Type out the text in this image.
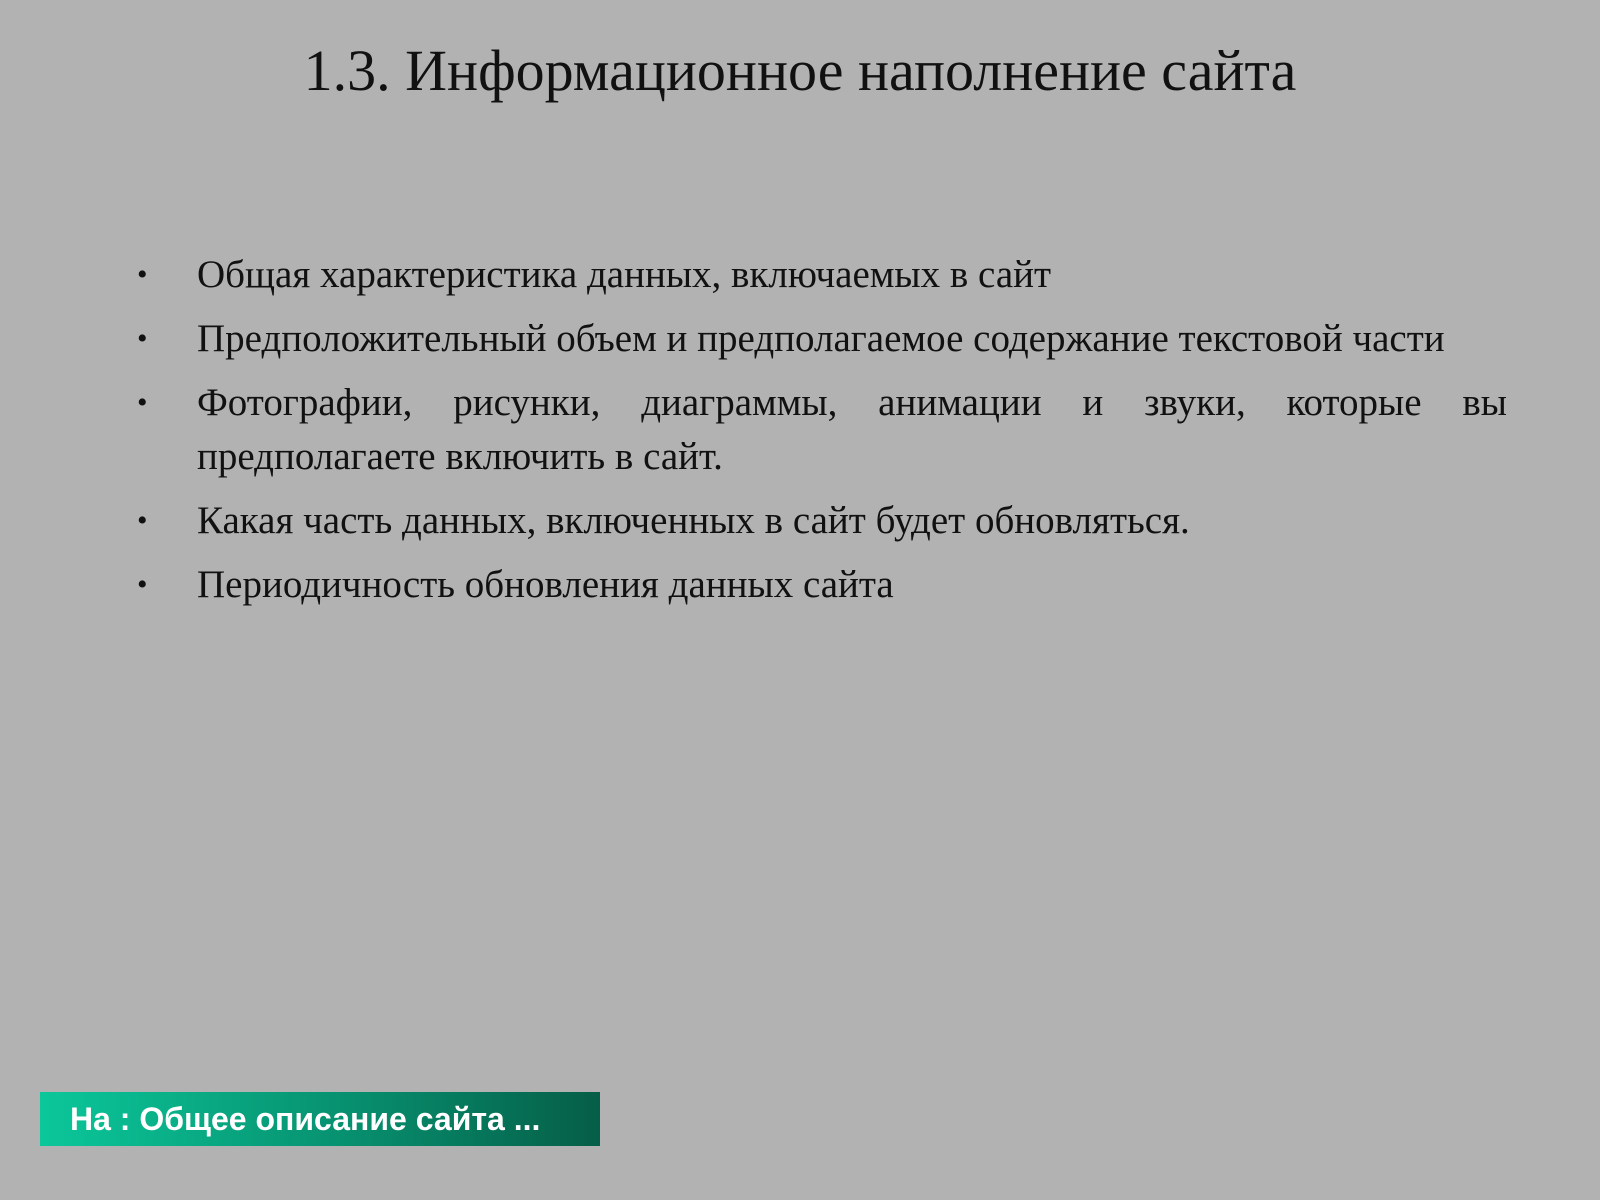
1.3. Информационное наполнение сайта
• Общая характеристика данных, включаемых в сайт
• Предположительный объем и предполагаемое содержание текстовой части
• Фотографии, рисунки, диаграммы, анимации и звуки, которые вы предполагаете включить в сайт.
• Какая часть данных, включенных в сайт будет обновляться.
• Периодичность обновления данных сайта
На : Общее описание сайта ...
